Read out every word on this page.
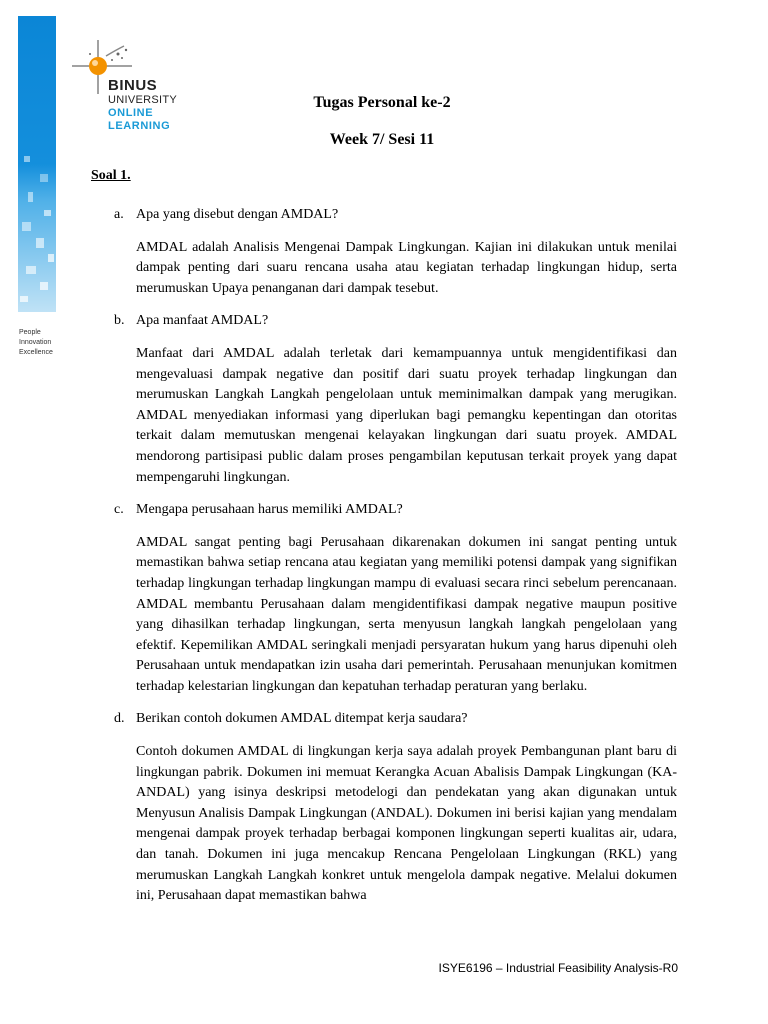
People
Innovation
Excellence
BINUS
UNIVERSITY
ONLINE
LEARNING
Tugas Personal ke-2
Week 7/ Sesi 11
Soal 1.
a. Apa yang disebut dengan AMDAL?

AMDAL adalah Analisis Mengenai Dampak Lingkungan. Kajian ini dilakukan untuk menilai dampak penting dari suaru rencana usaha atau kegiatan terhadap lingkungan hidup, serta merumuskan Upaya penanganan dari dampak tesebut.

b. Apa manfaat AMDAL?

Manfaat dari AMDAL adalah terletak dari kemampuannya untuk mengidentifikasi dan mengevaluasi dampak negative dan positif dari suatu proyek terhadap lingkungan dan merumuskan Langkah Langkah pengelolaan untuk meminimalkan dampak yang merugikan. AMDAL menyediakan informasi yang diperlukan bagi pemangku kepentingan dan otoritas terkait dalam memutuskan mengenai kelayakan lingkungan dari suatu proyek. AMDAL mendorong partisipasi public dalam proses pengambilan keputusan terkait proyek yang dapat mempengaruhi lingkungan.

c. Mengapa perusahaan harus memiliki AMDAL?

AMDAL sangat penting bagi Perusahaan dikarenakan dokumen ini sangat penting untuk memastikan bahwa setiap rencana atau kegiatan yang memiliki potensi dampak yang signifikan terhadap lingkungan terhadap lingkungan mampu di evaluasi secara rinci sebelum perencanaan. AMDAL membantu Perusahaan dalam mengidentifikasi dampak negative maupun positive yang dihasilkan terhadap lingkungan, serta menyusun langkah langkah pengelolaan yang efektif. Kepemilikan AMDAL seringkali menjadi persyaratan hukum yang harus dipenuhi oleh Perusahaan untuk mendapatkan izin usaha dari pemerintah. Perusahaan menunjukan komitmen terhadap kelestarian lingkungan dan kepatuhan terhadap peraturan yang berlaku.

d. Berikan contoh dokumen AMDAL ditempat kerja saudara?

Contoh dokumen AMDAL di lingkungan kerja saya adalah proyek Pembangunan plant baru di lingkungan pabrik. Dokumen ini memuat Kerangka Acuan Abalisis Dampak Lingkungan (KA-ANDAL) yang isinya deskripsi metodelogi dan pendekatan yang akan digunakan untuk Menyusun Analisis Dampak Lingkungan (ANDAL). Dokumen ini berisi kajian yang mendalam mengenai dampak proyek terhadap berbagai komponen lingkungan seperti kualitas air, udara, dan tanah. Dokumen ini juga mencakup Rencana Pengelolaan Lingkungan (RKL) yang merumuskan Langkah Langkah konkret untuk mengelola dampak negative. Melalui dokumen ini, Perusahaan dapat memastikan bahwa

ISYE6196 – Industrial Feasibility Analysis-R0
